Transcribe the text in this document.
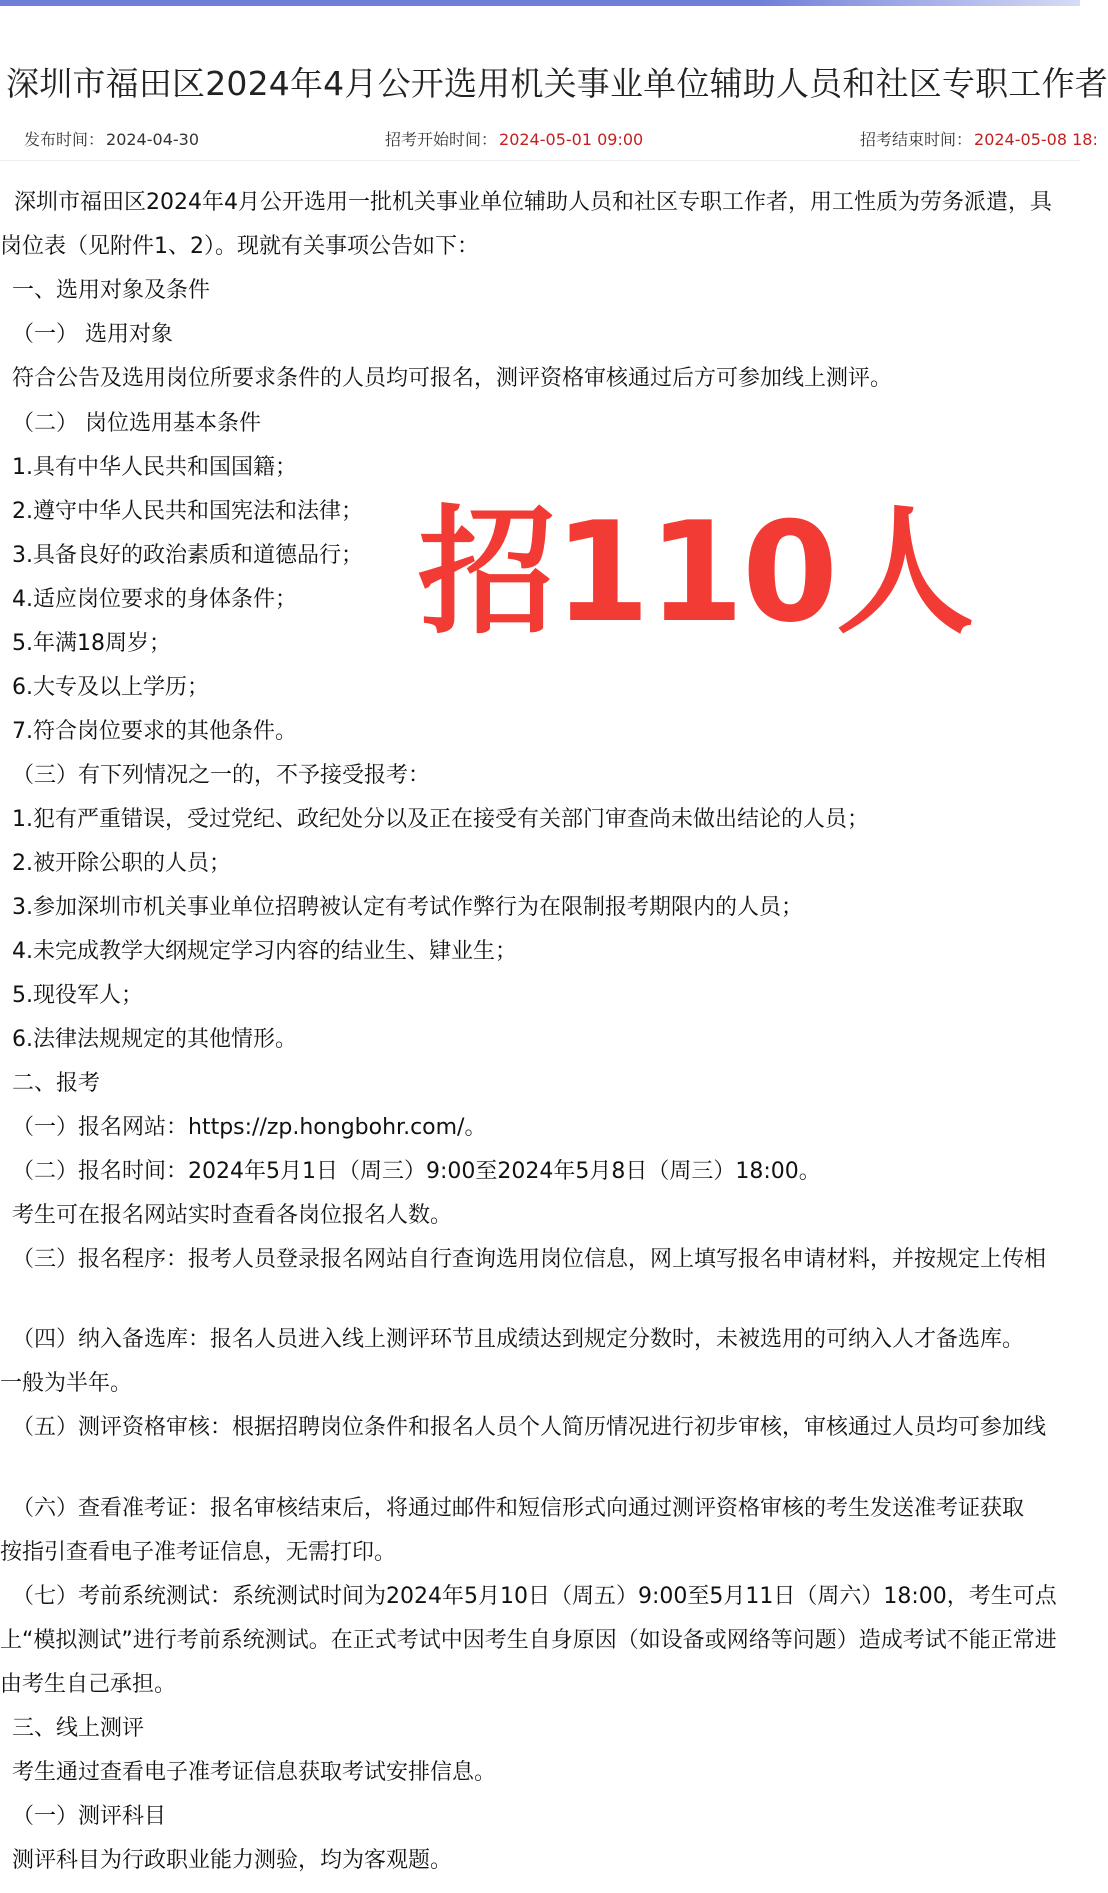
深圳市福田区2024年4月公开选用机关事业单位辅助人员和社区专职工作者
发布时间： 2024-04-30	招考开始时间： 2024-05-01 09:00	招考结束时间： 2024-05-08 18:
深圳市福田区2024年4月公开选用一批机关事业单位辅助人员和社区专职工作者，用工性质为劳务派遣，具
岗位表（见附件1、2）。现就有关事项公告如下：
一、选用对象及条件
（一） 选用对象
符合公告及选用岗位所要求条件的人员均可报名，测评资格审核通过后方可参加线上测评。
（二） 岗位选用基本条件
1.具有中华人民共和国国籍；
2.遵守中华人民共和国宪法和法律；
3.具备良好的政治素质和道德品行；
4.适应岗位要求的身体条件；
5.年满18周岁；
6.大专及以上学历；
7.符合岗位要求的其他条件。
（三）有下列情况之一的，不予接受报考：
1.犯有严重错误，受过党纪、政纪处分以及正在接受有关部门审查尚未做出结论的人员；
2.被开除公职的人员；
3.参加深圳市机关事业单位招聘被认定有考试作弊行为在限制报考期限内的人员；
4.未完成教学大纲规定学习内容的结业生、肄业生；
5.现役军人；
6.法律法规规定的其他情形。
二、报考
（一）报名网站：https://zp.hongbohr.com/。
（二）报名时间：2024年5月1日（周三）9:00至2024年5月8日（周三）18:00。
考生可在报名网站实时查看各岗位报名人数。
（三）报名程序：报考人员登录报名网站自行查询选用岗位信息，网上填写报名申请材料，并按规定上传相
（四）纳入备选库：报名人员进入线上测评环节且成绩达到规定分数时，未被选用的可纳入人才备选库。
一般为半年。
（五）测评资格审核：根据招聘岗位条件和报名人员个人简历情况进行初步审核，审核通过人员均可参加线
（六）查看准考证：报名审核结束后，将通过邮件和短信形式向通过测评资格审核的考生发送准考证获取
按指引查看电子准考证信息，无需打印。
（七）考前系统测试：系统测试时间为2024年5月10日（周五）9:00至5月11日（周六）18:00，考生可点
上“模拟测试”进行考前系统测试。在正式考试中因考生自身原因（如设备或网络等问题）造成考试不能正常进
由考生自己承担。
三、线上测评
考生通过查看电子准考证信息获取考试安排信息。
（一）测评科目
测评科目为行政职业能力测验，均为客观题。
招110人
